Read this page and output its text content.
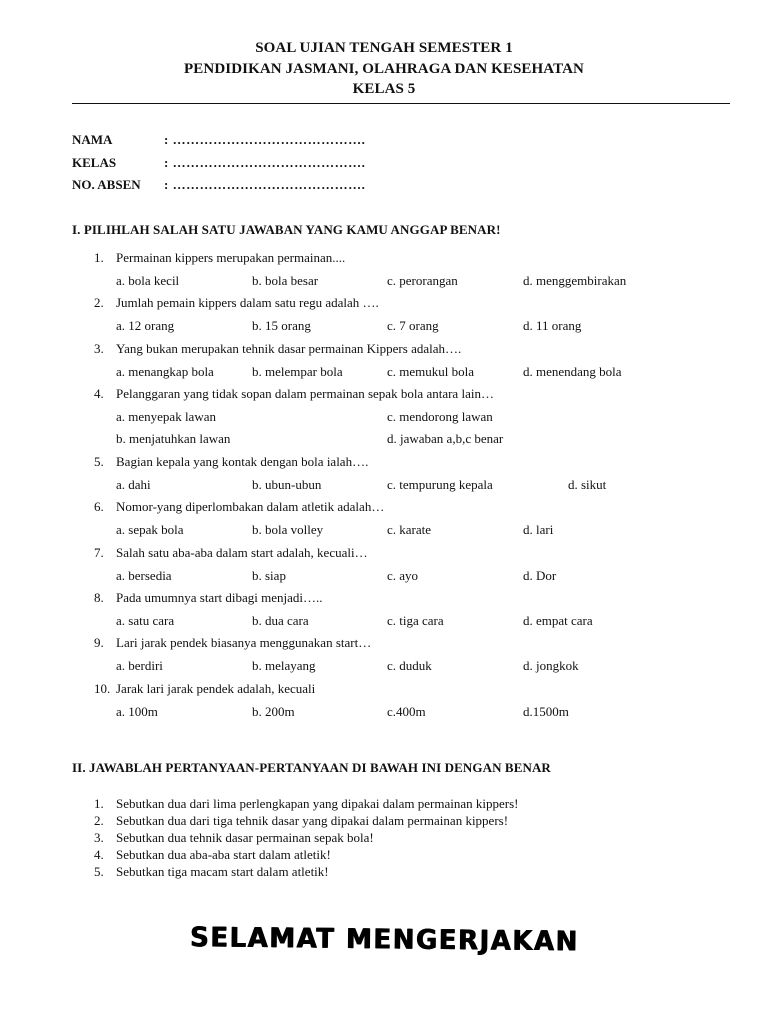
SOAL UJIAN TENGAH SEMESTER 1
PENDIDIKAN JASMANI, OLAHRAGA DAN KESEHATAN
KELAS 5
NAMA	: …………………………………….
KELAS	: …………………………………….
NO. ABSEN : …………………………………….
I. PILIHLAH SALAH SATU JAWABAN YANG KAMU ANGGAP BENAR!
1. Permainan kippers merupakan permainan....
a. bola kecil	b. bola besar	c. perorangan	d. menggembirakan
2. Jumlah pemain kippers dalam satu regu adalah ….
a. 12 orang	b. 15 orang	c. 7 orang	d. 11 orang
3. Yang bukan merupakan tehnik dasar permainan Kippers adalah….
a. menangkap bola	b. melempar bola	c. memukul bola	d. menendang bola
4. Pelanggaran yang tidak sopan dalam permainan sepak bola antara lain…
a. menyepak lawan	c. mendorong lawan
b. menjatuhkan lawan	d. jawaban a,b,c benar
5. Bagian kepala yang kontak dengan bola ialah….
a. dahi	b. ubun-ubun	c. tempurung kepala	d. sikut
6. Nomor-yang diperlombakan dalam atletik adalah…
a. sepak bola	b. bola volley	c. karate	d. lari
7. Salah satu aba-aba dalam start adalah, kecuali…
a. bersedia	b. siap	c. ayo	d. Dor
8. Pada umumnya start dibagi menjadi…..
a. satu cara	b. dua cara	c. tiga cara	d. empat cara
9. Lari jarak pendek biasanya menggunakan start…
a. berdiri	b. melayang	c. duduk	d. jongkok
10. Jarak lari jarak pendek adalah, kecuali
a. 100m	b. 200m	c.400m	d.1500m
II. JAWABLAH PERTANYAAN-PERTANYAAN DI BAWAH INI DENGAN BENAR
1. Sebutkan dua dari lima perlengkapan yang dipakai dalam permainan kippers!
2. Sebutkan dua dari tiga tehnik dasar yang dipakai dalam permainan kippers!
3. Sebutkan dua tehnik dasar permainan sepak bola!
4. Sebutkan dua aba-aba start dalam atletik!
5. Sebutkan tiga macam start dalam atletik!
SELAMAT MENGERJAKAN
